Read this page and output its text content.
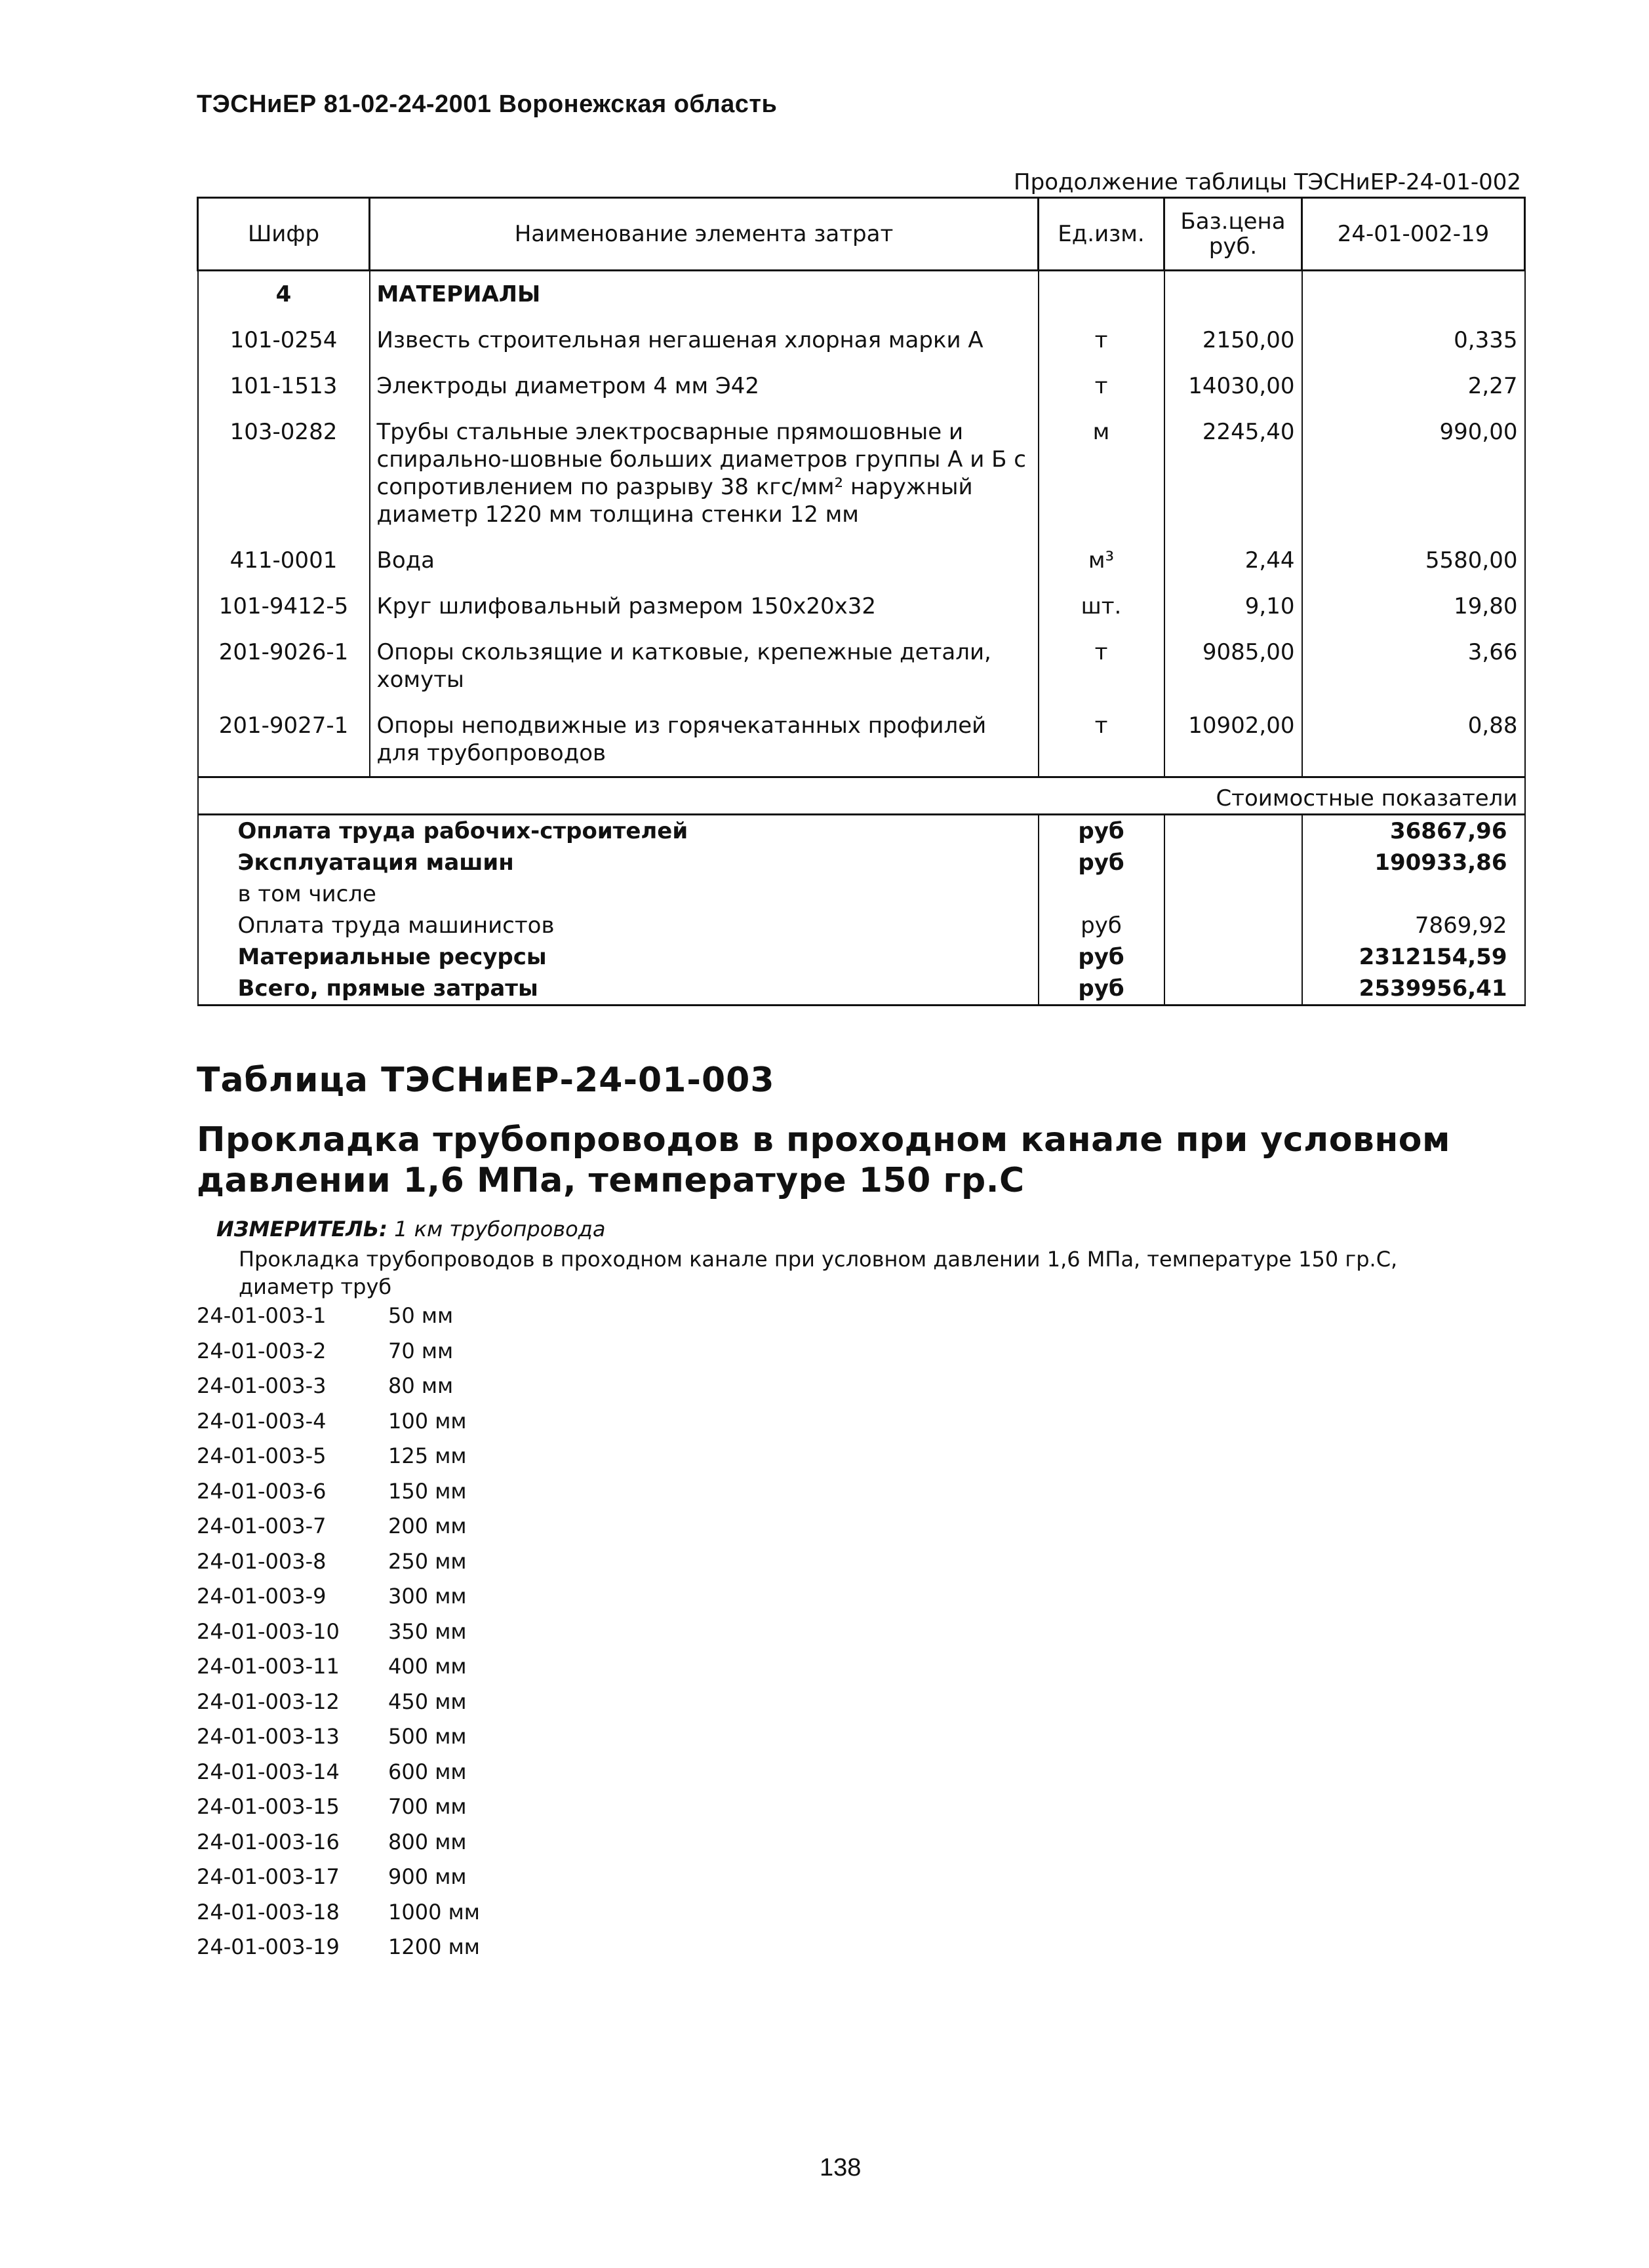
ТЭСНиЕР 81-02-24-2001 Воронежская область
Продолжение таблицы ТЭСНиЕР-24-01-002
Шифр	Наименование элемента затрат	Ед.изм.	Баз.цена руб.	24-01-002-19
4	МАТЕРИАЛЫ			
101-0254	Известь строительная негашеная хлорная марки А	т	2150,00	0,335
101-1513	Электроды диаметром 4 мм Э42	т	14030,00	2,27
103-0282	Трубы стальные электросварные прямошовные и спирально-шовные больших диаметров группы А и Б с сопротивлением по разрыву 38 кгс/мм² наружный диаметр 1220 мм толщина стенки 12 мм	м	2245,40	990,00
411-0001	Вода	м³	2,44	5580,00
101-9412-5	Круг шлифовальный размером 150x20x32	шт.	9,10	19,80
201-9026-1	Опоры скользящие и катковые, крепежные детали, хомуты	т	9085,00	3,66
201-9027-1	Опоры неподвижные из горячекатанных профилей для трубопроводов	т	10902,00	0,88
Стоимостные показатели				
Оплата труда рабочих-строителей		руб		36867,96
Эксплуатация машин		руб		190933,86
в том числе				
Оплата труда машинистов		руб		7869,92
Материальные ресурсы		руб		2312154,59
Всего, прямые затраты		руб		2539956,41
Таблица ТЭСНиЕР-24-01-003
Прокладка трубопроводов в проходном канале при условном давлении 1,6 МПа, температуре 150 гр.С
ИЗМЕРИТЕЛЬ: 1 км трубопровода
Прокладка трубопроводов в проходном канале при условном давлении 1,6 МПа, температуре 150 гр.С, диаметр труб
24-01-003-1	50 мм
24-01-003-2	70 мм
24-01-003-3	80 мм
24-01-003-4	100 мм
24-01-003-5	125 мм
24-01-003-6	150 мм
24-01-003-7	200 мм
24-01-003-8	250 мм
24-01-003-9	300 мм
24-01-003-10	350 мм
24-01-003-11	400 мм
24-01-003-12	450 мм
24-01-003-13	500 мм
24-01-003-14	600 мм
24-01-003-15	700 мм
24-01-003-16	800 мм
24-01-003-17	900 мм
24-01-003-18	1000 мм
24-01-003-19	1200 мм
138
